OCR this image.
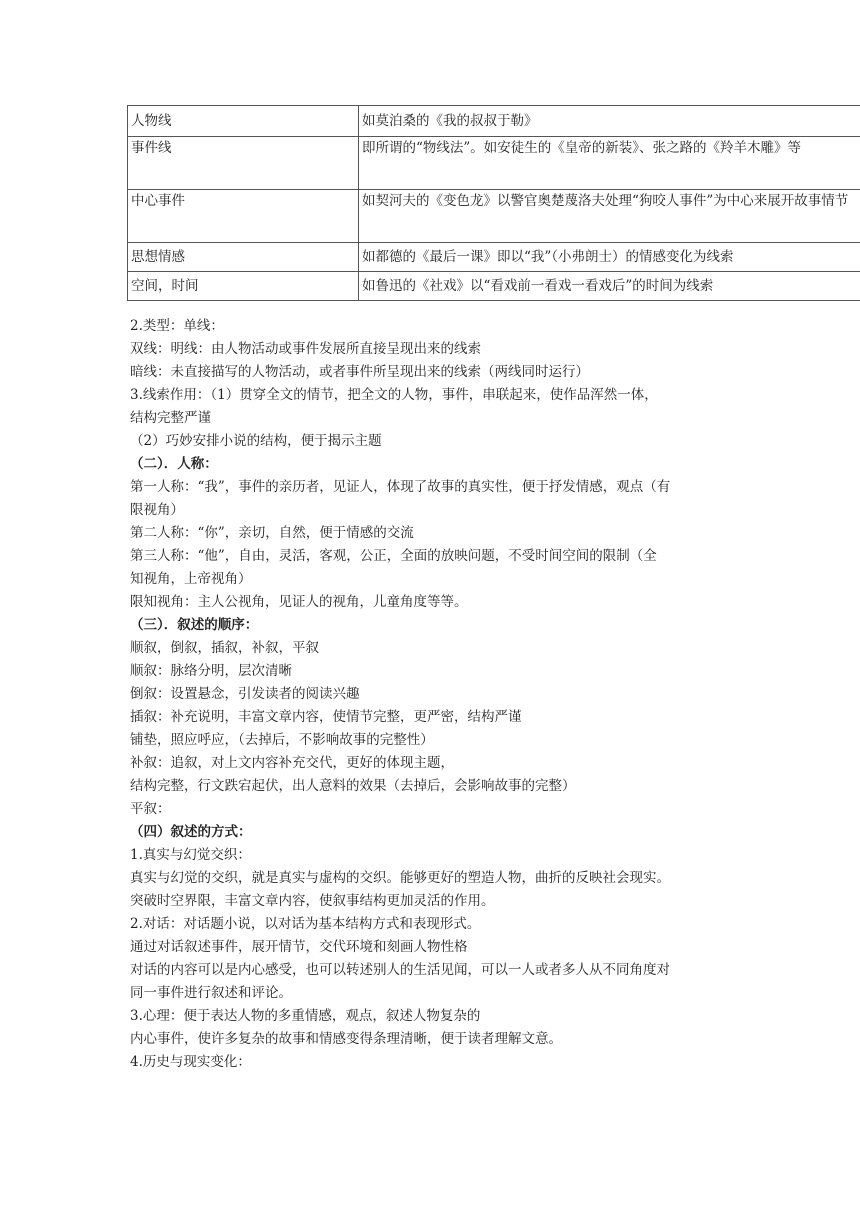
人物线	如莫泊桑的《我的叔叔于勒》
事件线	即所谓的“物线法”。如安徒生的《皇帝的新装》、张之路的《羚羊木雕》等
中心事件	如契河夫的《变色龙》以警官奥楚蔑洛夫处理“狗咬人事件”为中心来展开故事情节
思想情感	如都德的《最后一课》即以“我”（小弗朗士）的情感变化为线索
空间，时间	如鲁迅的《社戏》以“看戏前一看戏一看戏后”的时间为线索
2.类型：单线：
双线：明线：由人物活动或事件发展所直接呈现出来的线索
暗线：未直接描写的人物活动，或者事件所呈现出来的线索（两线同时运行）
3.线索作用：（1）贯穿全文的情节，把全文的人物，事件，串联起来，使作品浑然一体，
结构完整严谨
（2）巧妙安排小说的结构，便于揭示主题
（二）．人称：
第一人称：“我”，事件的亲历者，见证人，体现了故事的真实性，便于抒发情感，观点（有
限视角）
第二人称：“你”，亲切，自然，便于情感的交流
第三人称：“他”，自由，灵活，客观，公正，全面的放映问题，不受时间空间的限制（全
知视角，上帝视角）
限知视角：主人公视角，见证人的视角，儿童角度等等。
（三）．叙述的顺序：
顺叙，倒叙，插叙，补叙，平叙
顺叙：脉络分明，层次清晰
倒叙：设置悬念，引发读者的阅读兴趣
插叙：补充说明，丰富文章内容，使情节完整，更严密，结构严谨
铺垫，照应呼应，（去掉后，不影响故事的完整性）
补叙：追叙，对上文内容补充交代，更好的体现主题，
结构完整，行文跌宕起伏，出人意料的效果（去掉后，会影响故事的完整）
平叙：
（四）叙述的方式：
1.真实与幻觉交织：
真实与幻觉的交织，就是真实与虚构的交织。能够更好的塑造人物，曲折的反映社会现实。
突破时空界限，丰富文章内容，使叙事结构更加灵活的作用。
2.对话：对话题小说，以对话为基本结构方式和表现形式。
通过对话叙述事件，展开情节，交代环境和刻画人物性格
对话的内容可以是内心感受，也可以转述别人的生活见闻，可以一人或者多人从不同角度对
同一事件进行叙述和评论。
3.心理：便于表达人物的多重情感，观点，叙述人物复杂的
内心事件，使许多复杂的故事和情感变得条理清晰，便于读者理解文意。
4.历史与现实变化：
